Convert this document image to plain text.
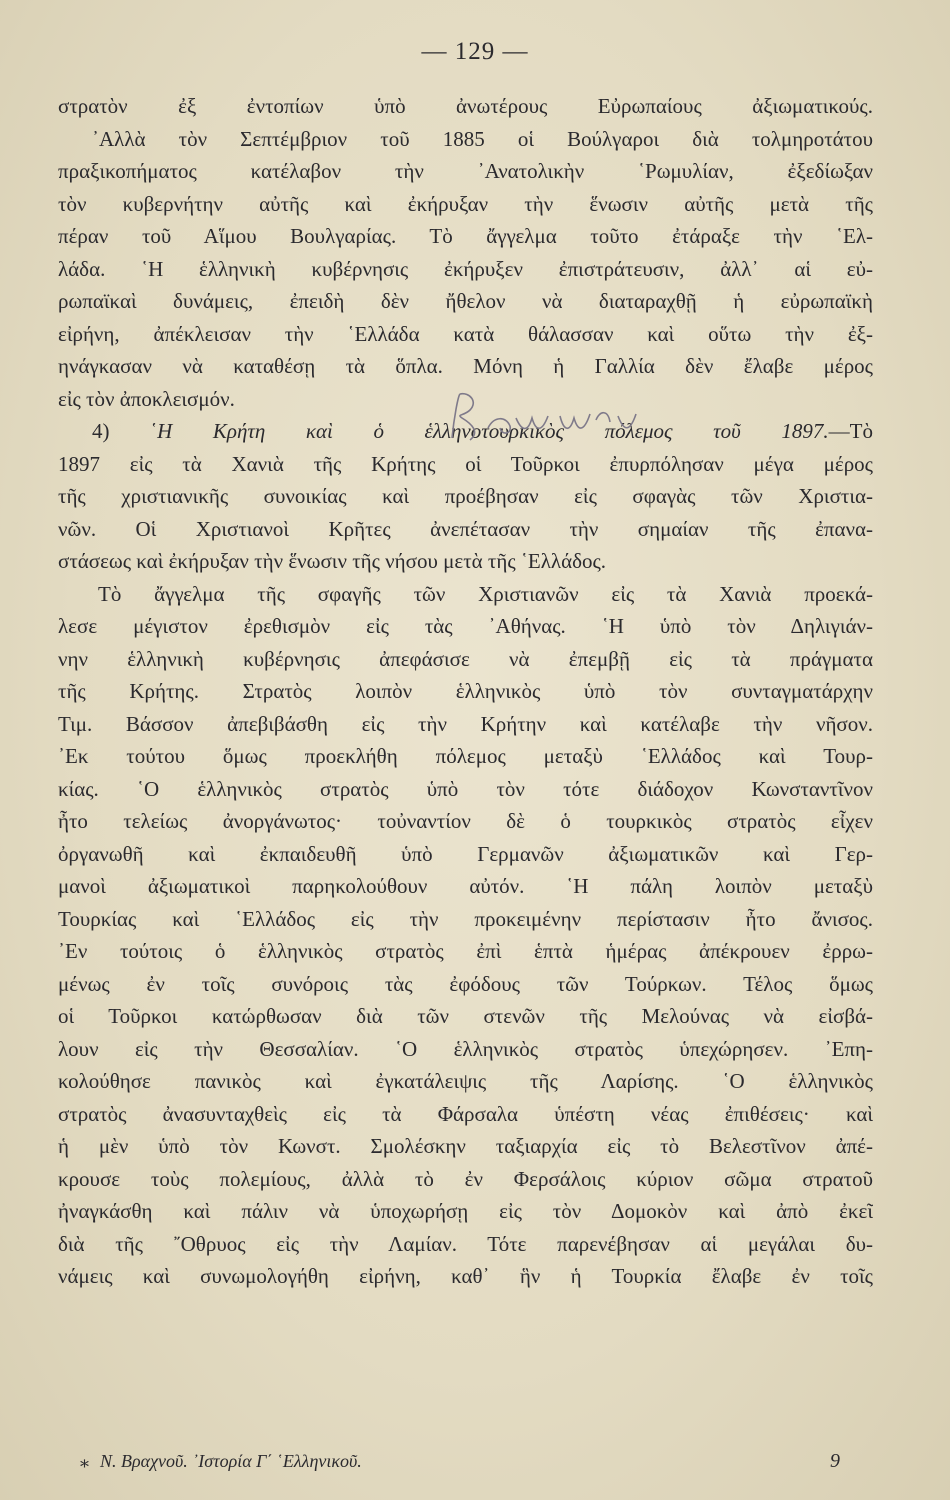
— 129 —
στρατὸν ἐξ ἐντοπίων ὑπὸ ἀνωτέρους Εὐρωπαίους ἀξιωματικούς.
᾿Αλλὰ τὸν Σεπτέμβριον τοῦ 1885 οἱ Βούλγαροι διὰ τολμηροτάτου
πραξικοπήματος κατέλαβον τὴν ᾿Ανατολικὴν ῾Ρωμυλίαν, ἐξεδίωξαν
τὸν κυβερνήτην αὐτῆς καὶ ἐκήρυξαν τὴν ἕνωσιν αὐτῆς μετὰ τῆς
πέραν τοῦ Αἵμου Βουλγαρίας. Τὸ ἄγγελμα τοῦτο ἐτάραξε τὴν ῾Ελ-
λάδα. ῾Η ἑλληνικὴ κυβέρνησις ἐκήρυξεν ἐπιστράτευσιν, ἀλλ᾿ αἱ εὐ-
ρωπαϊκαὶ δυνάμεις, ἐπειδὴ δὲν ἤθελον νὰ διαταραχθῇ ἡ εὐρωπαϊκὴ
εἰρήνη, ἀπέκλεισαν τὴν ῾Ελλάδα κατὰ θάλασσαν καὶ οὕτω τὴν ἐξ-
ηνάγκασαν νὰ καταθέσῃ τὰ ὅπλα. Μόνη ἡ Γαλλία δὲν ἔλαβε μέρος
εἰς τὸν ἀποκλεισμόν.
4) ῾Η Κρήτη καὶ ὁ ἑλληνοτουρκικὸς πόλεμος τοῦ 1897.—Τὸ
1897 εἰς τὰ Χανιὰ τῆς Κρήτης οἱ Τοῦρκοι ἐπυρπόλησαν μέγα μέρος
τῆς χριστιανικῆς συνοικίας καὶ προέβησαν εἰς σφαγὰς τῶν Χριστια-
νῶν. Οἱ Χριστιανοὶ Κρῆτες ἀνεπέτασαν τὴν σημαίαν τῆς ἐπανα-
στάσεως καὶ ἐκήρυξαν τὴν ἕνωσιν τῆς νήσου μετὰ τῆς ῾Ελλάδος.
Τὸ ἄγγελμα τῆς σφαγῆς τῶν Χριστιανῶν εἰς τὰ Χανιὰ προεκά-
λεσε μέγιστον ἐρεθισμὸν εἰς τὰς ᾿Αθήνας. ῾Η ὑπὸ τὸν Δηλιγιάν-
νην ἑλληνικὴ κυβέρνησις ἀπεφάσισε νὰ ἐπεμβῇ εἰς τὰ πράγματα
τῆς Κρήτης. Στρατὸς λοιπὸν ἑλληνικὸς ὑπὸ τὸν συνταγματάρχην
Τιμ. Βάσσον ἀπεβιβάσθη εἰς τὴν Κρήτην καὶ κατέλαβε τὴν νῆσον.
᾿Εκ τούτου ὅμως προεκλήθη πόλεμος μεταξὺ ῾Ελλάδος καὶ Τουρ-
κίας. ῾Ο ἑλληνικὸς στρατὸς ὑπὸ τὸν τότε διάδοχον Κωνσταντῖνον
ἦτο τελείως ἀνοργάνωτος· τοὐναντίον δὲ ὁ τουρκικὸς στρατὸς εἶχεν
ὀργανωθῆ καὶ ἐκπαιδευθῆ ὑπὸ Γερμανῶν ἀξιωματικῶν καὶ Γερ-
μανοὶ ἀξιωματικοὶ παρηκολούθουν αὐτόν. ῾Η πάλη λοιπὸν μεταξὺ
Τουρκίας καὶ ῾Ελλάδος εἰς τὴν προκειμένην περίστασιν ἦτο ἄνισος.
᾿Εν τούτοις ὁ ἑλληνικὸς στρατὸς ἐπὶ ἑπτὰ ἡμέρας ἀπέκρουεν ἐρρω-
μένως ἐν τοῖς συνόροις τὰς ἐφόδους τῶν Τούρκων. Τέλος ὅμως
οἱ Τοῦρκοι κατώρθωσαν διὰ τῶν στενῶν τῆς Μελούνας νὰ εἰσβά-
λουν εἰς τὴν Θεσσαλίαν. ῾Ο ἑλληνικὸς στρατὸς ὑπεχώρησεν. ᾿Επη-
κολούθησε πανικὸς καὶ ἐγκατάλειψις τῆς Λαρίσης. ῾Ο ἑλληνικὸς
στρατὸς ἀνασυνταχθεὶς εἰς τὰ Φάρσαλα ὑπέστη νέας ἐπιθέσεις· καὶ
ἡ μὲν ὑπὸ τὸν Κωνστ. Σμολέσκην ταξιαρχία εἰς τὸ Βελεστῖνον ἀπέ-
κρουσε τοὺς πολεμίους, ἀλλὰ τὸ ἐν Φερσάλοις κύριον σῶμα στρατοῦ
ἠναγκάσθη καὶ πάλιν νὰ ὑποχωρήσῃ εἰς τὸν Δομοκὸν καὶ ἀπὸ ἐκεῖ
διὰ τῆς ῎Οθρυος εἰς τὴν Λαμίαν. Τότε παρενέβησαν αἱ μεγάλαι δυ-
νάμεις καὶ συνωμολογήθη εἰρήνη, καθ᾿ ἣν ἡ Τουρκία ἔλαβε ἐν τοῖς
⁎ Ν. Βραχνοῦ. ᾿Ιστορία Γ΄ ῾Ελληνικοῦ.	9
